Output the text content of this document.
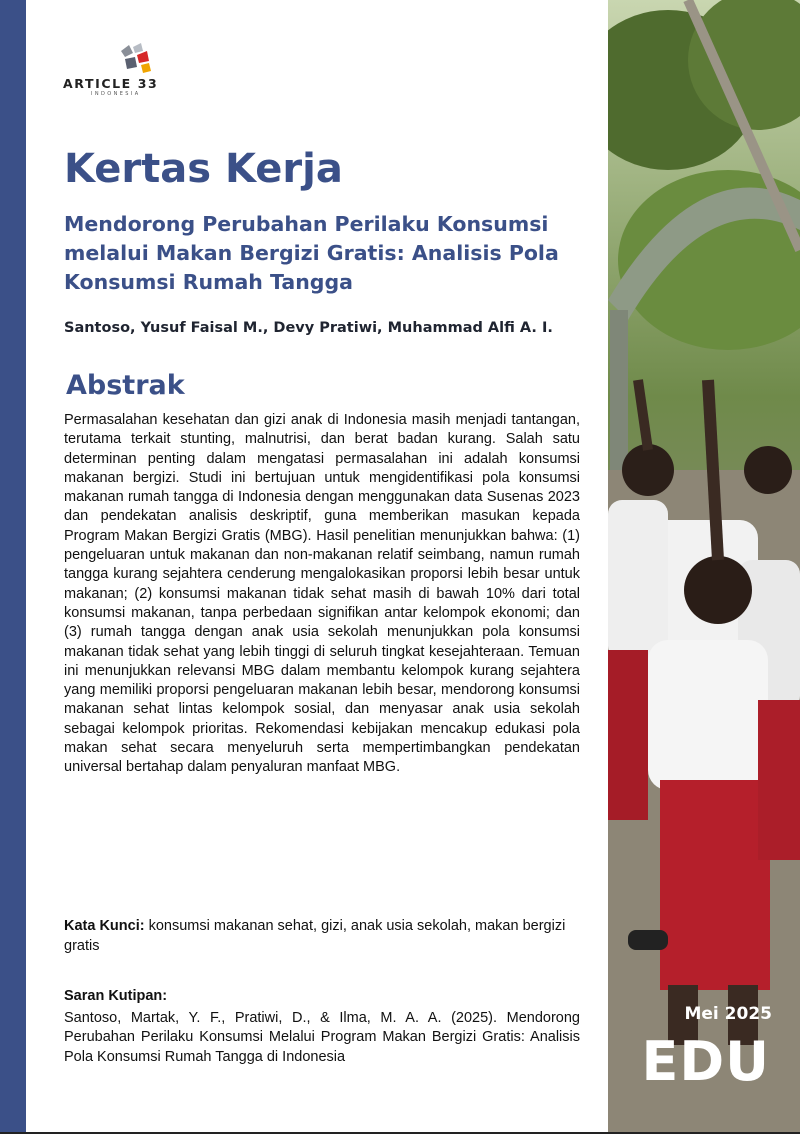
ARTICLE 33
INDONESIA
Kertas Kerja
Mendorong Perubahan Perilaku Konsumsi melalui Makan Bergizi Gratis: Analisis Pola Konsumsi Rumah Tangga
Santoso, Yusuf Faisal M., Devy Pratiwi, Muhammad Alfi A. I.
Abstrak

Permasalahan kesehatan dan gizi anak di Indonesia masih menjadi tantangan, terutama terkait stunting, malnutrisi, dan berat badan kurang. Salah satu determinan penting dalam mengatasi permasalahan ini adalah konsumsi makanan bergizi. Studi ini bertujuan untuk mengidentifikasi pola konsumsi makanan rumah tangga di Indonesia dengan menggunakan data Susenas 2023 dan pendekatan analisis deskriptif, guna memberikan masukan kepada Program Makan Bergizi Gratis (MBG). Hasil penelitian menunjukkan bahwa: (1) pengeluaran untuk makanan dan non-makanan relatif seimbang, namun rumah tangga kurang sejahtera cenderung mengalokasikan proporsi lebih besar untuk makanan; (2) konsumsi makanan tidak sehat masih di bawah 10% dari total konsumsi makanan, tanpa perbedaan signifikan antar kelompok ekonomi; dan (3) rumah tangga dengan anak usia sekolah menunjukkan pola konsumsi makanan tidak sehat yang lebih tinggi di seluruh tingkat kesejahteraan. Temuan ini menunjukkan relevansi MBG dalam membantu kelompok kurang sejahtera yang memiliki proporsi pengeluaran makanan lebih besar, mendorong konsumsi makanan sehat lintas kelompok sosial, dan menyasar anak usia sekolah sebagai kelompok prioritas. Rekomendasi kebijakan mencakup edukasi pola makan sehat secara menyeluruh serta mempertimbangkan pendekatan universal bertahap dalam penyaluran manfaat MBG.

Kata Kunci: konsumsi makanan sehat, gizi, anak usia sekolah, makan bergizi gratis

Saran Kutipan:

Santoso, Martak, Y. F., Pratiwi, D., & Ilma, M. A. A. (2025). Mendorong Perubahan Perilaku Konsumsi Melalui Program Makan Bergizi Gratis: Analisis Pola Konsumsi Rumah Tangga di Indonesia

Mei 2025
EDU
